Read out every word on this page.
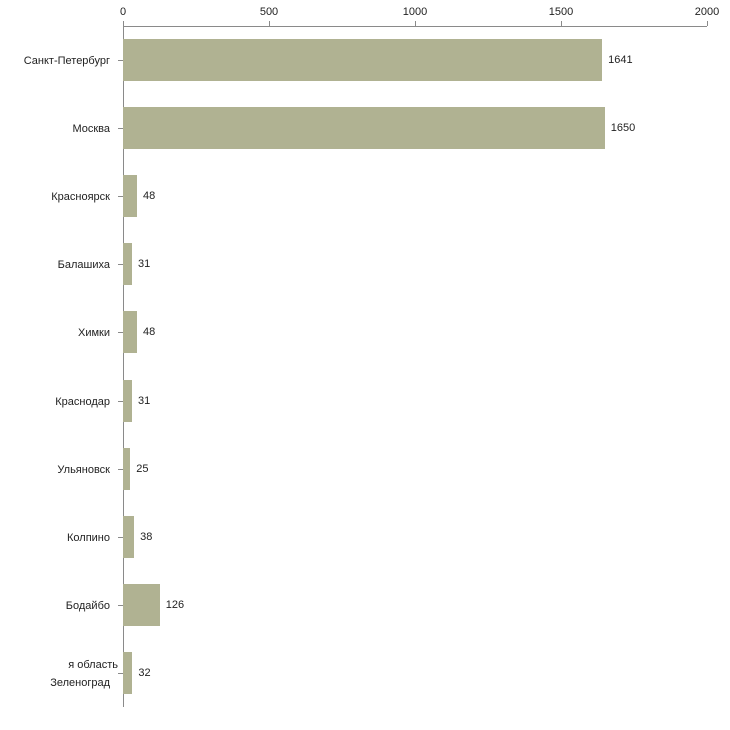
0	500	1000	1500	2000
Санкт-Петербург
Москва
Красноярск
Балашиха
Химки
Краснодар
Ульяновск
Колпино
Бодайбо
я область Зеленоград
1641
1650
48
31
48
31
25
38
126
32
